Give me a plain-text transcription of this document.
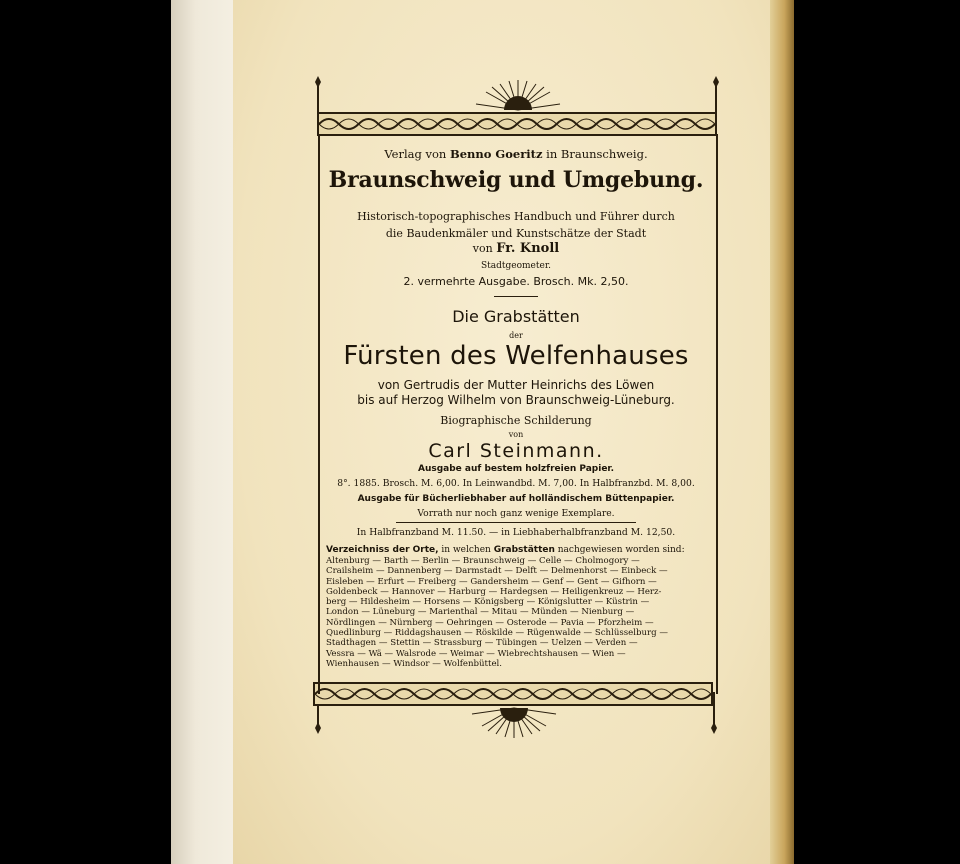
Verlag von Benno Goeritz in Braunschweig.
Braunschweig und Umgebung.
Historisch-topographisches Handbuch und Führer durch
die Baudenkmäler und Kunstschätze der Stadt
von Fr. Knoll
Stadtgeometer.
2. vermehrte Ausgabe. Brosch. Mk. 2,50.
Die Grabstätten
der
Fürsten des Welfenhauses
von Gertrudis der Mutter Heinrichs des Löwen
bis auf Herzog Wilhelm von Braunschweig-Lüneburg.
Biographische Schilderung
von
Carl Steinmann.
Ausgabe auf bestem holzfreien Papier.
8°. 1885. Brosch. M. 6,00. In Leinwandbd. M. 7,00. In Halbfranzbd. M. 8,00.
Ausgabe für Bücherliebhaber auf holländischem Büttenpapier.
Vorrath nur noch ganz wenige Exemplare.
In Halbfranzband M. 11.50. — in Liebhaberhalbfranzband M. 12,50.
Verzeichniss der Orte, in welchen Grabstätten nachgewiesen worden sind:
Altenburg — Barth — Berlin — Braunschweig — Celle — Cholmogory —
Crailsheim — Dannenberg — Darmstadt — Delft — Delmenhorst — Einbeck —
Eisleben — Erfurt — Freiberg — Gandersheim — Genf — Gent — Gifhorn —
Goldenbeck — Hannover — Harburg — Hardegsen — Heiligenkreuz — Herz-
berg — Hildesheim — Horsens — Königsberg — Königslutter — Küstrin —
London — Lüneburg — Marienthal — Mitau — Münden — Nienburg —
Nördlingen — Nürnberg — Oehringen — Osterode — Pavia — Pforzheim —
Quedlinburg — Riddagshausen — Röskilde — Rügenwalde — Schlüsselburg —
Stadthagen — Stettin — Strassburg — Tübingen — Uelzen — Verden —
Vessra — Wä — Walsrode — Weimar — Wiebrechtshausen — Wien —
Wienhausen — Windsor — Wolfenbüttel.
